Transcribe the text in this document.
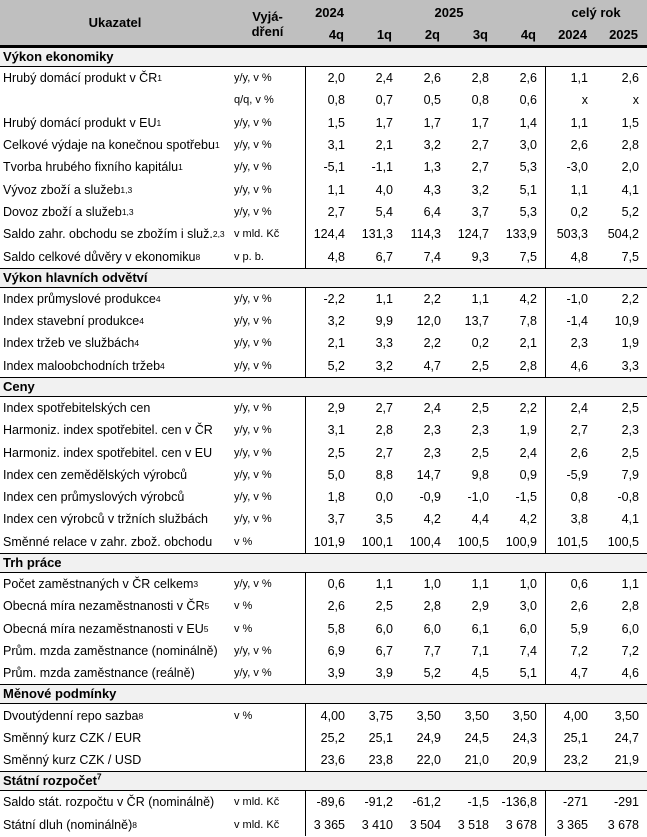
Ukazatel	Vyjá-
dření
2024	2025	celý rok
4q	1q	2q	3q	4q	2024	2025
Výkon ekonomiky
Hrubý domácí produkt v ČR 1	y/y, v %	2,0	2,4	2,6	2,8	2,6	1,1	2,6
q/q, v %	0,8	0,7	0,5	0,8	0,6	x	x
Hrubý domácí produkt v EU 1	y/y, v %	1,5	1,7	1,7	1,7	1,4	1,1	1,5
Celkové výdaje na konečnou spotřebu 1	y/y, v %	3,1	2,1	3,2	2,7	3,0	2,6	2,8
Tvorba hrubého fixního kapitálu 1	y/y, v %	-5,1	-1,1	1,3	2,7	5,3	-3,0	2,0
Vývoz zboží a služeb 1,3	y/y, v %	1,1	4,0	4,3	3,2	5,1	1,1	4,1
Dovoz zboží a služeb 1,3	y/y, v %	2,7	5,4	6,4	3,7	5,3	0,2	5,2
Saldo zahr. obchodu se zbožím i služ. 2,3 v mld. Kč	124,4	131,3	114,3	124,7	133,9	503,3	504,2
Saldo celkové důvěry v ekonomiku 8	v p. b.	4,8	6,7	7,4	9,3	7,5	4,8	7,5
Výkon hlavních odvětví
Index průmyslové produkce 4	y/y, v %	-2,2	1,1	2,2	1,1	4,2	-1,0	2,2
Index stavební produkce 4	y/y, v %	3,2	9,9	12,0	13,7	7,8	-1,4	10,9
Index tržeb ve službách 4	y/y, v %	2,1	3,3	2,2	0,2	2,1	2,3	1,9
Index maloobchodních tržeb 4	y/y, v %	5,2	3,2	4,7	2,5	2,8	4,6	3,3
Ceny
Index spotřebitelských cen	y/y, v %	2,9	2,7	2,4	2,5	2,2	2,4	2,5
Harmoniz. index spotřebitel. cen v ČR	y/y, v %	3,1	2,8	2,3	2,3	1,9	2,7	2,3
Harmoniz. index spotřebitel. cen v EU	y/y, v %	2,5	2,7	2,3	2,5	2,4	2,6	2,5
Index cen zemědělských výrobců	y/y, v %	5,0	8,8	14,7	9,8	0,9	-5,9	7,9
Index cen průmyslových výrobců	y/y, v %	1,8	0,0	-0,9	-1,0	-1,5	0,8	-0,8
Index cen výrobců v tržních službách	y/y, v %	3,7	3,5	4,2	4,4	4,2	3,8	4,1
Směnné relace v zahr. zbož. obchodu	v %	101,9	100,1	100,4	100,5	100,9	101,5	100,5
Trh práce
Počet zaměstnaných v ČR celkem 3	y/y, v %	0,6	1,1	1,0	1,1	1,0	0,6	1,1
Obecná míra nezaměstnanosti v ČR 5	v %	2,6	2,5	2,8	2,9	3,0	2,6	2,8
Obecná míra nezaměstnanosti v EU 5	v %	5,8	6,0	6,0	6,1	6,0	5,9	6,0
Prům. mzda zaměstnance (nominálně)	y/y, v %	6,9	6,7	7,7	7,1	7,4	7,2	7,2
Prům. mzda zaměstnance (reálně)	y/y, v %	3,9	3,9	5,2	4,5	5,1	4,7	4,6
Měnové podmínky
Dvoutýdenní repo sazba 8	v %	4,00	3,75	3,50	3,50	3,50	4,00	3,50
Směnný kurz CZK / EUR	25,2	25,1	24,9	24,5	24,3	25,1	24,7
Směnný kurz CZK / USD	23,6	23,8	22,0	21,0	20,9	23,2	21,9
Státní rozpočet$^7$
Saldo stát. rozpočtu v ČR (nominálně)	v mld. Kč	-89,6	-91,2	-61,2	-1,5	-136,8	-271	-291
Státní dluh (nominálně) 8	v mld. Kč	3 365	3 410	3 504	3 518	3 678	3 365	3 678
